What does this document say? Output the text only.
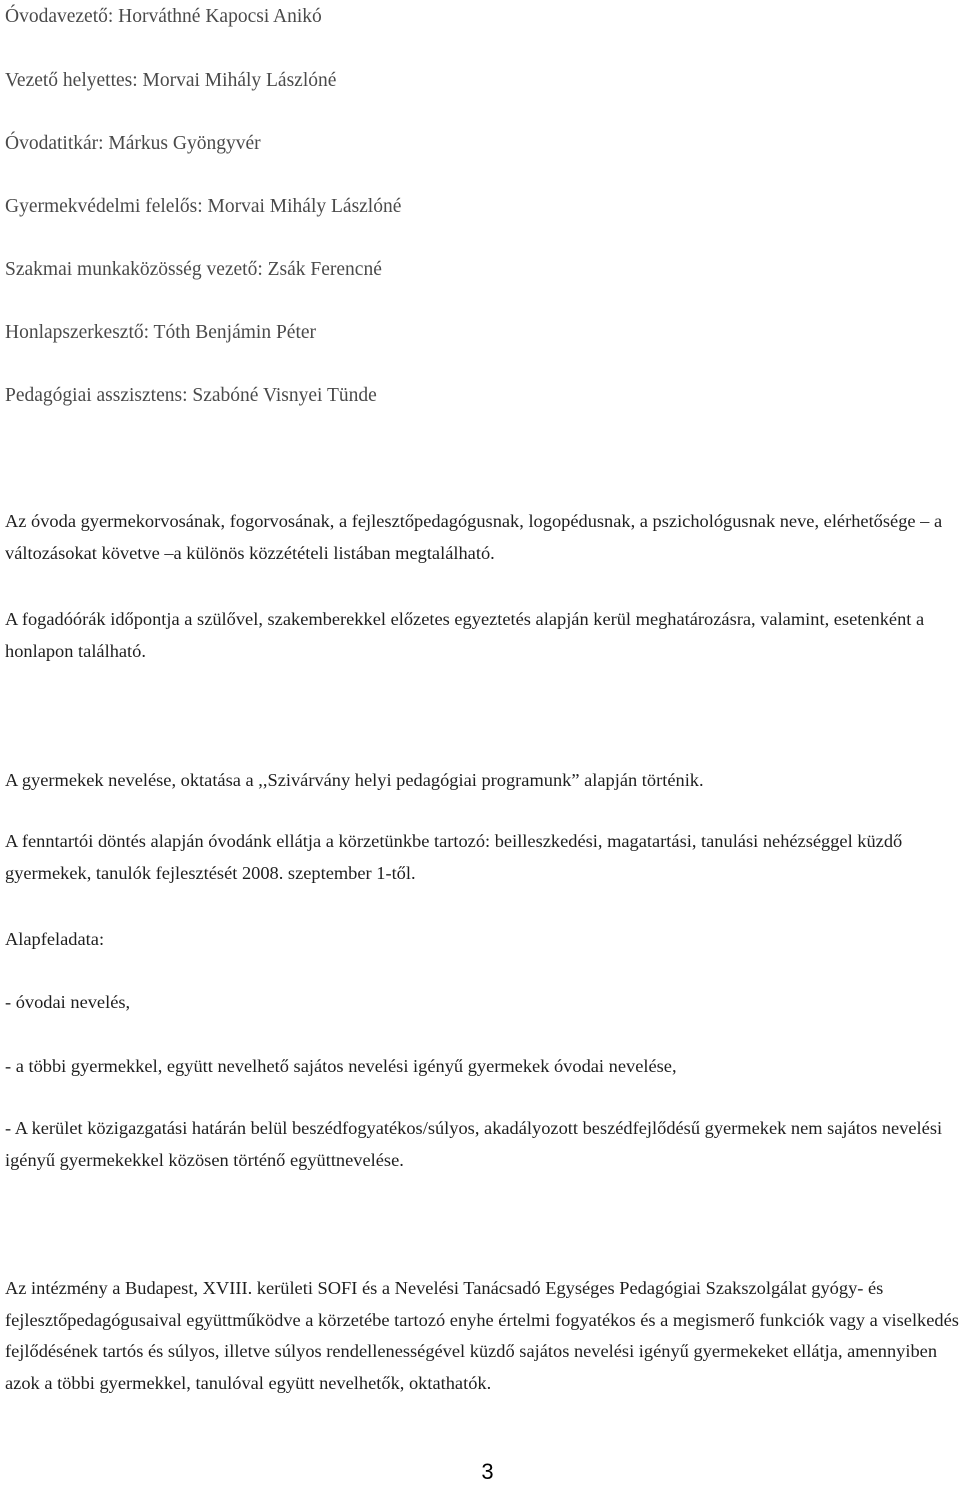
Óvodavezető: Horváthné Kapocsi Anikó

Vezető helyettes: Morvai Mihály Lászlóné

Óvodatitkár: Márkus Gyöngyvér

Gyermekvédelmi felelős: Morvai Mihály Lászlóné

Szakmai munkaközösség vezető: Zsák Ferencné

Honlapszerkesztő: Tóth Benjámin Péter

Pedagógiai asszisztens: Szabóné Visnyei Tünde

Az óvoda gyermekorvosának, fogorvosának, a fejlesztőpedagógusnak, logopédusnak, a pszichológusnak neve, elérhetősége – a változásokat követve –a különös közzétételi listában megtalálható.

A fogadóórák időpontja a szülővel, szakemberekkel előzetes egyeztetés alapján kerül meghatározásra, valamint, esetenként a honlapon található.

A gyermekek nevelése, oktatása a ,,Szivárvány helyi pedagógiai programunk” alapján történik.

A fenntartói döntés alapján óvodánk ellátja a körzetünkbe tartozó: beilleszkedési, magatartási, tanulási nehézséggel küzdő gyermekek, tanulók fejlesztését 2008. szeptember 1-től.

Alapfeladata:

- óvodai nevelés,

- a többi gyermekkel, együtt nevelhető sajátos nevelési igényű gyermekek óvodai nevelése,

- A kerület közigazgatási határán belül beszédfogyatékos/súlyos, akadályozott beszédfejlődésű gyermekek nem sajátos nevelési igényű gyermekekkel közösen történő együttnevelése.

Az intézmény a Budapest, XVIII. kerületi SOFI és a Nevelési Tanácsadó Egységes Pedagógiai Szakszolgálat gyógy- és fejlesztőpedagógusaival együttműködve a körzetébe tartozó enyhe értelmi fogyatékos és a megismerő funkciók vagy a viselkedés fejlődésének tartós és súlyos, illetve súlyos rendellenességével küzdő sajátos nevelési igényű gyermekeket ellátja, amennyiben azok a többi gyermekkel, tanulóval együtt nevelhetők, oktathatók.

3
